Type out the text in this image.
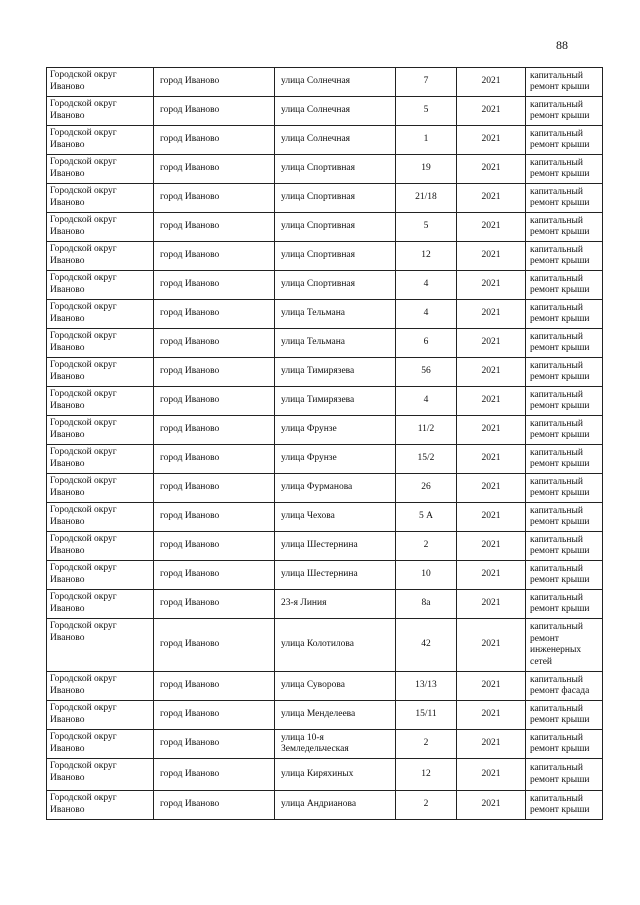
88
Городской округ Иваново	город Иваново	улица Солнечная	7	2021	капитальный ремонт крыши
Городской округ Иваново	город Иваново	улица Солнечная	5	2021	капитальный ремонт крыши
Городской округ Иваново	город Иваново	улица Солнечная	1	2021	капитальный ремонт крыши
Городской округ Иваново	город Иваново	улица Спортивная	19	2021	капитальный ремонт крыши
Городской округ Иваново	город Иваново	улица Спортивная	21/18	2021	капитальный ремонт крыши
Городской округ Иваново	город Иваново	улица Спортивная	5	2021	капитальный ремонт крыши
Городской округ Иваново	город Иваново	улица Спортивная	12	2021	капитальный ремонт крыши
Городской округ Иваново	город Иваново	улица Спортивная	4	2021	капитальный ремонт крыши
Городской округ Иваново	город Иваново	улица Тельмана	4	2021	капитальный ремонт крыши
Городской округ Иваново	город Иваново	улица Тельмана	6	2021	капитальный ремонт крыши
Городской округ Иваново	город Иваново	улица Тимирязева	56	2021	капитальный ремонт крыши
Городской округ Иваново	город Иваново	улица Тимирязева	4	2021	капитальный ремонт крыши
Городской округ Иваново	город Иваново	улица Фрунзе	11/2	2021	капитальный ремонт крыши
Городской округ Иваново	город Иваново	улица Фрунзе	15/2	2021	капитальный ремонт крыши
Городской округ Иваново	город Иваново	улица Фурманова	26	2021	капитальный ремонт крыши
Городской округ Иваново	город Иваново	улица Чехова	5 А	2021	капитальный ремонт крыши
Городской округ Иваново	город Иваново	улица Шестернина	2	2021	капитальный ремонт крыши
Городской округ Иваново	город Иваново	улица Шестернина	10	2021	капитальный ремонт крыши
Городской округ Иваново	город Иваново	23-я Линия	8а	2021	капитальный ремонт крыши
Городской округ Иваново	город Иваново	улица Колотилова	42	2021	капитальный ремонт инженерных сетей
Городской округ Иваново	город Иваново	улица Суворова	13/13	2021	капитальный ремонт фасада
Городской округ Иваново	город Иваново	улица Менделеева	15/11	2021	капитальный ремонт крыши
Городской округ Иваново	город Иваново	улица 10-я Земледельческая	2	2021	капитальный ремонт крыши
Городской округ Иваново	город Иваново	улица Киряхиных	12	2021	капитальный ремонт крыши
Городской округ Иваново	город Иваново	улица Андрианова	2	2021	капитальный ремонт крыши
